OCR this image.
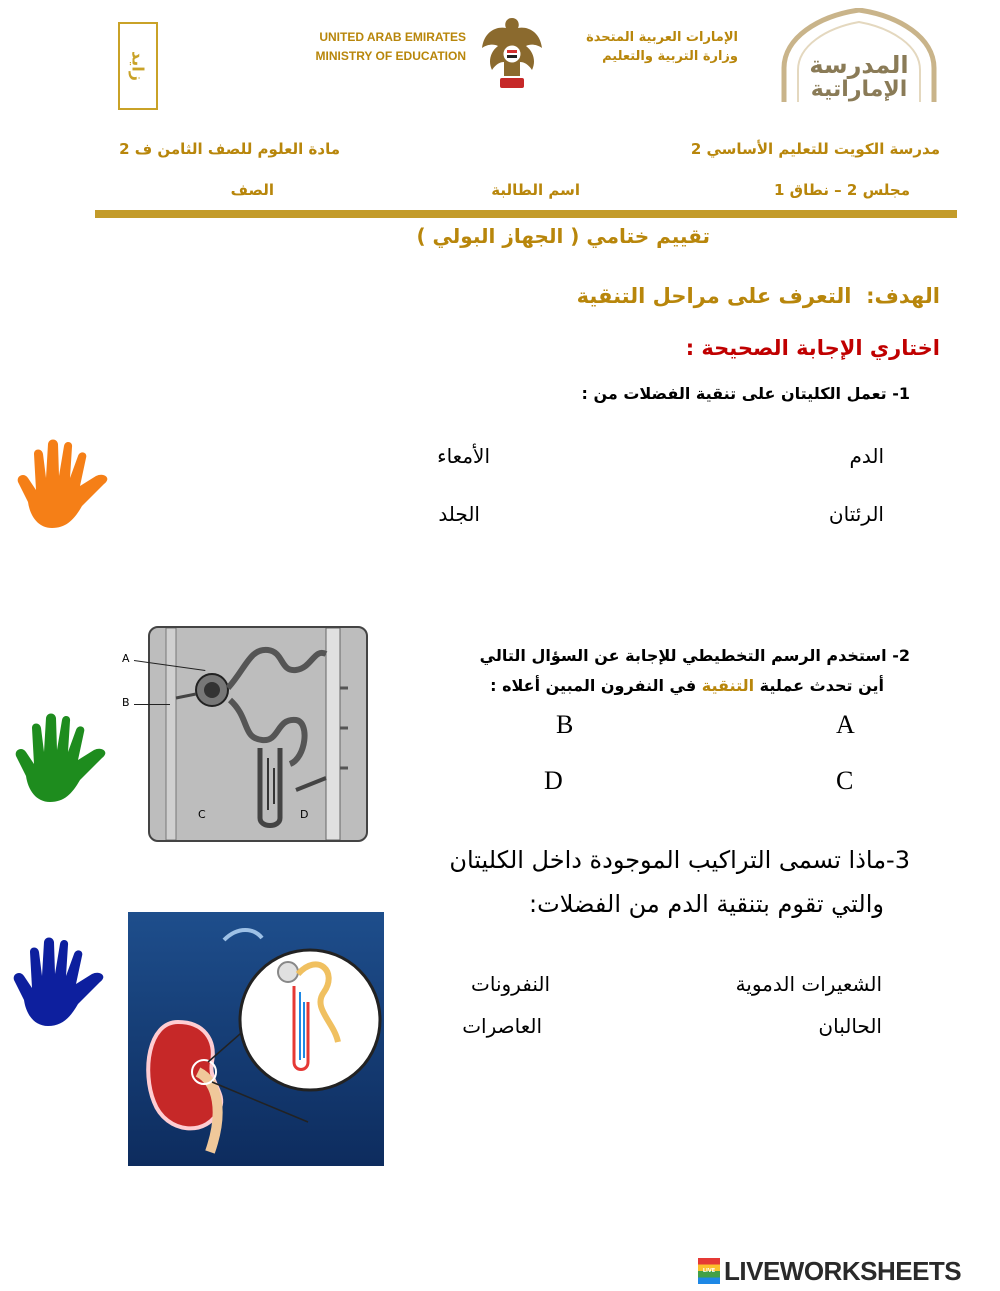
زايد
UNITED ARAB EMIRATES
MINISTRY OF EDUCATION
الإمارات العربية المتحدة
وزارة التربية والتعليم	المدرسة
الإماراتية
مادة العلوم للصف الثامن ف 2	مدرسة الكويت للتعليم الأساسي 2
الصف	اسم الطالبة	مجلس 2 – نطاق 1
تقييم ختامي ( الجهاز البولي )
الهدف:  التعرف على مراحل التنقية
اختاري الإجابة الصحيحة :
1- تعمل الكليتان على تنقية الفضلات من :
الدم
الأمعاء
الرئتان
الجلد
A
B
C	D
2- استخدم الرسم التخطيطي للإجابة عن السؤال التالي
أين تحدث عملية التنقية في النفرون المبين أعلاه :
A
B
C
D
3-ماذا تسمى التراكيب الموجودة داخل الكليتان
والتي تقوم بتنقية الدم من الفضلات:
الشعيرات الدموية
النفرونات
الحالبان
العاصرات
LIVE LIVEWORKSHEETS
